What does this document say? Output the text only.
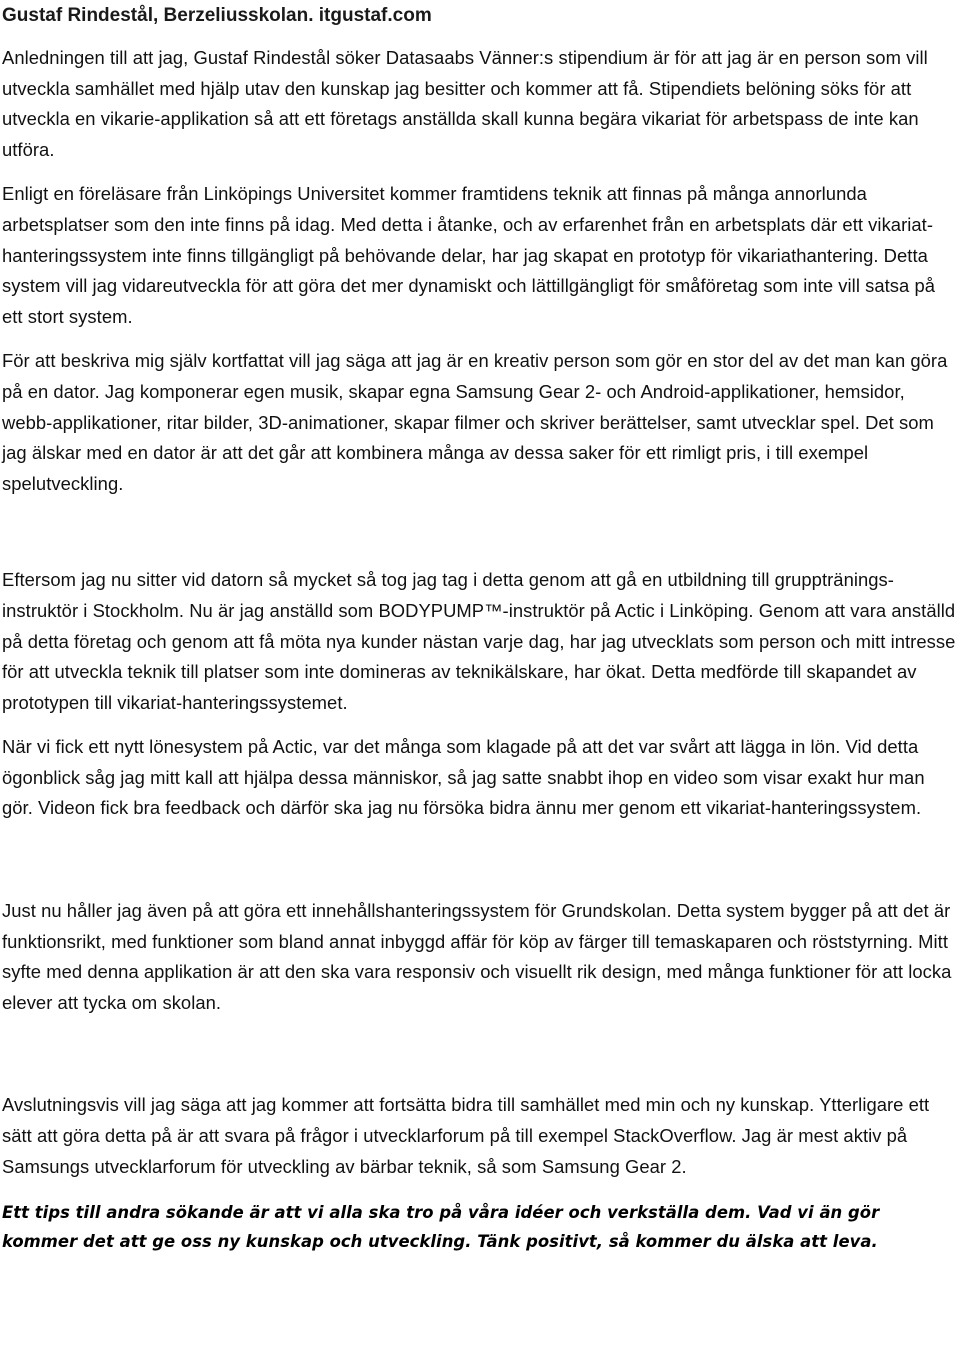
Gustaf Rindestål, Berzeliusskolan. itgustaf.com

Anledningen till att jag, Gustaf Rindestål söker Datasaabs Vänner:s stipendium är för att jag är en person som vill utveckla samhället med hjälp utav den kunskap jag besitter och kommer att få. Stipendiets belöning söks för att utveckla en vikarie-applikation så att ett företags anställda skall kunna begära vikariat för arbetspass de inte kan utföra.

Enligt en föreläsare från Linköpings Universitet kommer framtidens teknik att finnas på många annorlunda arbetsplatser som den inte finns på idag. Med detta i åtanke, och av erfarenhet från en arbetsplats där ett vikariat-hanteringssystem inte finns tillgängligt på behövande delar, har jag skapat en prototyp för vikariathantering. Detta system vill jag vidareutveckla för att göra det mer dynamiskt och lättillgängligt för småföretag som inte vill satsa på ett stort system.

För att beskriva mig själv kortfattat vill jag säga att jag är en kreativ person som gör en stor del av det man kan göra på en dator. Jag komponerar egen musik, skapar egna Samsung Gear 2- och Android-applikationer, hemsidor, webb-applikationer, ritar bilder, 3D-animationer, skapar filmer och skriver berättelser, samt utvecklar spel. Det som jag älskar med en dator är att det går att kombinera många av dessa saker för ett rimligt pris, i till exempel spelutveckling.

Eftersom jag nu sitter vid datorn så mycket så tog jag tag i detta genom att gå en utbildning till grupptränings-instruktör i Stockholm. Nu är jag anställd som BODYPUMP™-instruktör på Actic i Linköping. Genom att vara anställd på detta företag och genom att få möta nya kunder nästan varje dag, har jag utvecklats som person och mitt intresse för att utveckla teknik till platser som inte domineras av teknikälskare, har ökat. Detta medförde till skapandet av prototypen till vikariat-hanteringssystemet.

När vi fick ett nytt lönesystem på Actic, var det många som klagade på att det var svårt att lägga in lön. Vid detta ögonblick såg jag mitt kall att hjälpa dessa människor, så jag satte snabbt ihop en video som visar exakt hur man gör. Videon fick bra feedback och därför ska jag nu försöka bidra ännu mer genom ett vikariat-hanteringssystem.

Just nu håller jag även på att göra ett innehållshanteringssystem för Grundskolan. Detta system bygger på att det är funktionsrikt, med funktioner som bland annat inbyggd affär för köp av färger till temaskaparen och röststyrning. Mitt syfte med denna applikation är att den ska vara responsiv och visuellt rik design, med många funktioner för att locka elever att tycka om skolan.

Avslutningsvis vill jag säga att jag kommer att fortsätta bidra till samhället med min och ny kunskap. Ytterligare ett sätt att göra detta på är att svara på frågor i utvecklarforum på till exempel StackOverflow. Jag är mest aktiv på Samsungs utvecklarforum för utveckling av bärbar teknik, så som Samsung Gear 2.

Ett tips till andra sökande är att vi alla ska tro på våra idéer och verkställa dem. Vad vi än gör kommer det att ge oss ny kunskap och utveckling. Tänk positivt, så kommer du älska att leva.
